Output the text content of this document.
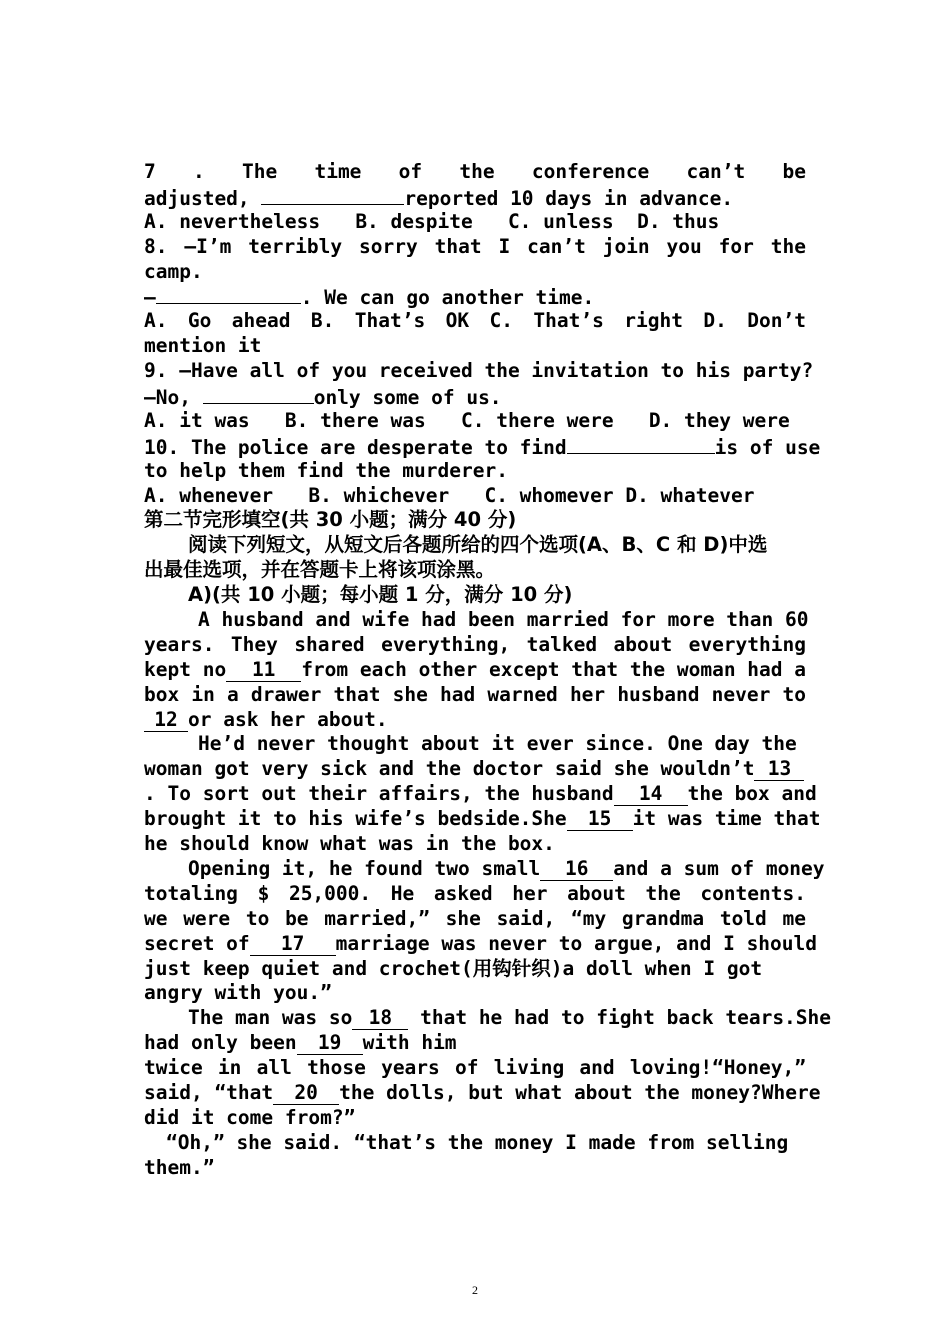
7 . The time of the conference can’t be
adjusted,	reported 10 days in advance.
A. nevertheless   B. despite   C. unless  D. thus
8. —I’m terribly sorry that I can’t join you for the
camp.
—	. We can go another time.
A. Go ahead B. That’s OK C. That’s right D. Don’t
mention it
9. —Have all of you received the invitation to his party?
—No,	only some of us.
A. it was   B. there was   C. there were   D. they were
10. The police are desperate to find	is of use
to help them find the murderer.
A. whenever   B. whichever   C. whomever D. whatever
第二节完形填空(共 30 小题；满分 40 分)
阅读下列短文，从短文后各题所给的四个选项(A、B、C 和 D)中选
出最佳选项，并在答题卡上将该项涂黑。
A)(共 10 小题；每小题 1 分，满分 10 分)
A husband and wife had been married for more than 60
years. They shared everything, talked about everything
kept no 11 from each other except that the woman had a
box in a drawer that she had warned her husband never to
12 or ask her about.
He’d never thought about it ever since. One day the
woman got very sick and the doctor said she wouldn’t 13
. To sort out their affairs, the husband 14 the box and
brought it to his wife’s bedside.She 15 it was time that
he should know what was in the box.
Opening it, he found two small 16 and a sum of money
totaling $ 25,000. He asked her about the contents.
we were to be married,” she said, “my grandma told me
secret of 17 marriage was never to argue, and I should
just keep quiet and crochet(用钩针织)a doll when I got
angry with you.”
The man was so 18 that he had to fight back tears.She
had only been 19 with him
twice in all those years of living and loving!“Honey,”
said, “that 20 the dolls, but what about the money?Where
did it come from?”
“Oh,” she said. “that’s the money I made from selling
them.”
2
